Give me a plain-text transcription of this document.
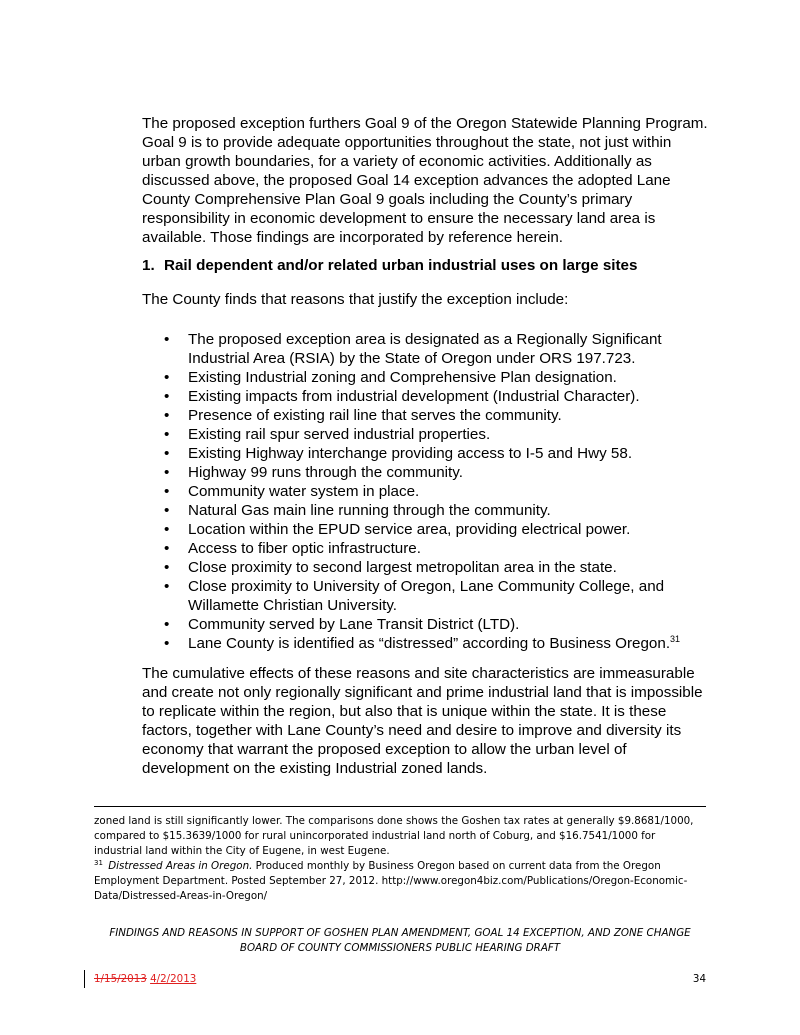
The proposed exception furthers Goal 9 of the Oregon Statewide Planning Program. Goal 9 is to provide adequate opportunities throughout the state, not just within urban growth boundaries, for a variety of economic activities. Additionally as discussed above, the proposed Goal 14 exception advances the adopted Lane County Comprehensive Plan Goal 9 goals including the County’s primary responsibility in economic development to ensure the necessary land area is available. Those findings are incorporated by reference herein.

1. Rail dependent and/or related urban industrial uses on large sites

The County finds that reasons that justify the exception include:

• The proposed exception area is designated as a Regionally Significant Industrial Area (RSIA) by the State of Oregon under ORS 197.723.
• Existing Industrial zoning and Comprehensive Plan designation.
• Existing impacts from industrial development (Industrial Character).
• Presence of existing rail line that serves the community.
• Existing rail spur served industrial properties.
• Existing Highway interchange providing access to I-5 and Hwy 58.
• Highway 99 runs through the community.
• Community water system in place.
• Natural Gas main line running through the community.
• Location within the EPUD service area, providing electrical power.
• Access to fiber optic infrastructure.
• Close proximity to second largest metropolitan area in the state.
• Close proximity to University of Oregon, Lane Community College, and Willamette Christian University.
• Community served by Lane Transit District (LTD).
• Lane County is identified as “distressed” according to Business Oregon.$^{31}$

The cumulative effects of these reasons and site characteristics are immeasurable and create not only regionally significant and prime industrial land that is impossible to replicate within the region, but also that is unique within the state. It is these factors, together with Lane County’s need and desire to improve and diversity its economy that warrant the proposed exception to allow the urban level of development on the existing Industrial zoned lands.

zoned land is still significantly lower. The comparisons done shows the Goshen tax rates at generally $9.8681/1000, compared to $15.3639/1000 for rural unincorporated industrial land north of Coburg, and $16.7541/1000 for industrial land within the City of Eugene, in west Eugene.

$^{31}$ Distressed Areas in Oregon. Produced monthly by Business Oregon based on current data from the Oregon Employment Department. Posted September 27, 2012. http://www.oregon4biz.com/Publications/Oregon-Economic-Data/Distressed-Areas-in-Oregon/

FINDINGS AND REASONS IN SUPPORT OF GOSHEN PLAN AMENDMENT, GOAL 14 EXCEPTION, AND ZONE CHANGE
BOARD OF COUNTY COMMISSIONERS PUBLIC HEARING DRAFT
1/15/2013 4/2/2013	34
